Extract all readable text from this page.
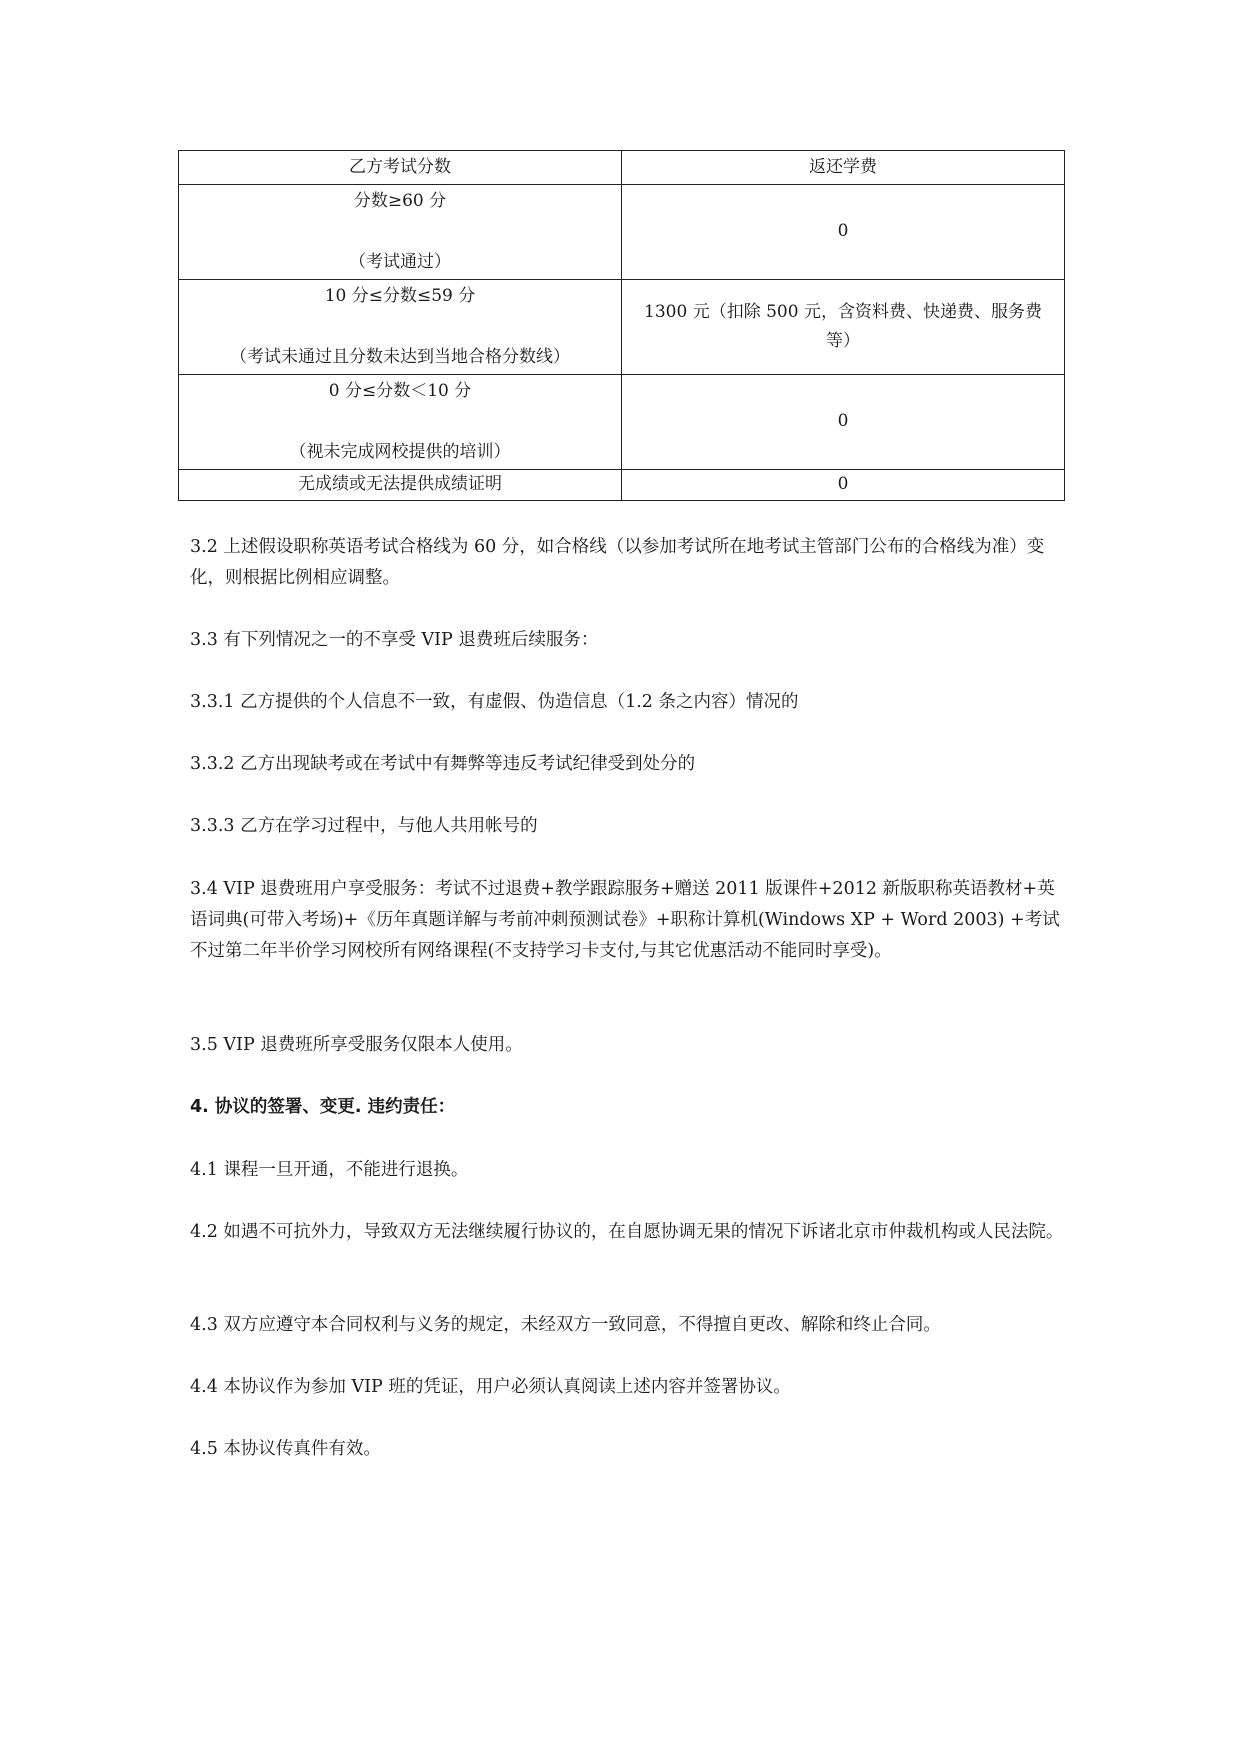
乙方考试分数	返还学费

分数≥60 分
（考试通过）	0

10 分≤分数≤59 分
（考试未通过且分数未达到当地合格分数线）	1300 元（扣除 500 元，含资料费、快递费、服务费等）

0 分≤分数＜10 分
（视未完成网校提供的培训）	0
无成绩或无法提供成绩证明	0

3.2 上述假设职称英语考试合格线为 60 分，如合格线（以参加考试所在地考试主管部门公布的合格线为准）变化，则根据比例相应调整。

3.3 有下列情况之一的不享受 VIP 退费班后续服务：

3.3.1 乙方提供的个人信息不一致，有虚假、伪造信息（1.2 条之内容）情况的

3.3.2 乙方出现缺考或在考试中有舞弊等违反考试纪律受到处分的

3.3.3 乙方在学习过程中，与他人共用帐号的

3.4 VIP 退费班用户享受服务：考试不过退费+教学跟踪服务+赠送 2011 版课件+2012 新版职称英语教材+英语词典(可带入考场)+《历年真题详解与考前冲刺预测试卷》+职称计算机(Windows XP + Word 2003) +考试不过第二年半价学习网校所有网络课程(不支持学习卡支付,与其它优惠活动不能同时享受)。

3.5 VIP 退费班所享受服务仅限本人使用。

4. 协议的签署、变更. 违约责任：

4.1 课程一旦开通，不能进行退换。

4.2 如遇不可抗外力，导致双方无法继续履行协议的，在自愿协调无果的情况下诉诸北京市仲裁机构或人民法院。

4.3 双方应遵守本合同权利与义务的规定，未经双方一致同意，不得擅自更改、解除和终止合同。

4.4 本协议作为参加 VIP 班的凭证，用户必须认真阅读上述内容并签署协议。

4.5 本协议传真件有效。
